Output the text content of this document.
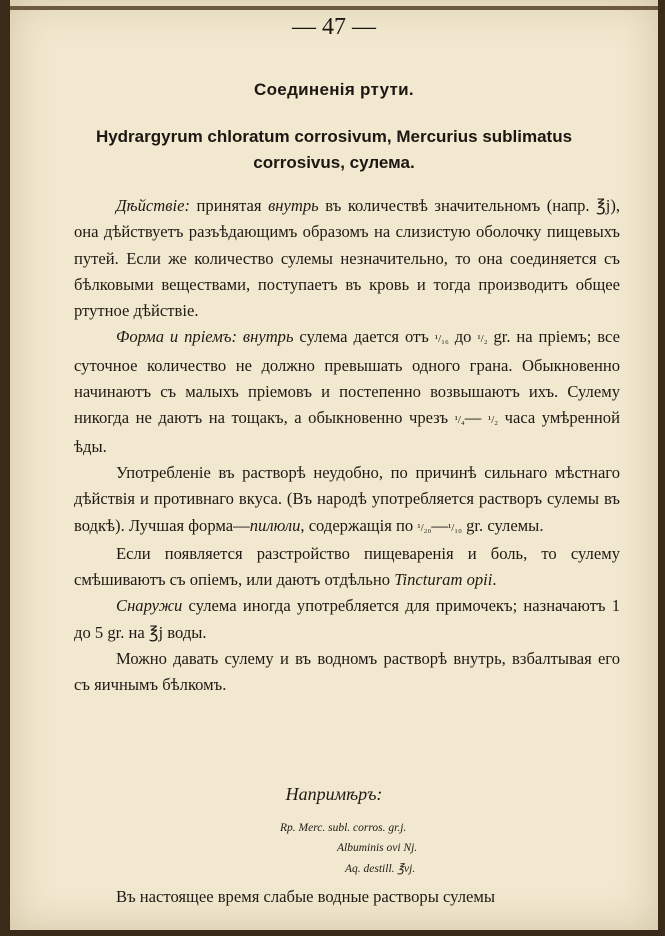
— 47 —
Соединенія ртути.
Hydrargyrum chloratum corrosivum, Mercurius sublimatus corrosivus, сулема.

Дѣйствіе: принятая внутрь въ количествѣ значительномъ (напр. ℥j), она дѣйствуетъ разъѣдающимъ образомъ на слизистую оболочку пищевыхъ путей. Если же количество сулемы незначительно, то она соединяется съ бѣлковыми веществами, поступаетъ въ кровь и тогда производитъ общее ртутное дѣйствіе.

Форма и пріемъ: внутрь сулема дается отъ ¹/₁₆ до ¹/₂ gr. на пріемъ; все суточное количество не должно превышать одного грана. Обыкновенно начинаютъ съ малыхъ пріемовъ и постепенно возвышаютъ ихъ. Сулему никогда не даютъ на тощакъ, а обыкновенно чрезъ ¹/₄— ¹/₂ часа умѣренной ѣды.

Употребленіе въ растворѣ неудобно, по причинѣ сильнаго мѣстнаго дѣйствія и противнаго вкуса. (Въ народѣ употребляется растворъ сулемы въ водкѣ). Лучшая форма—пилюли, содержащія по ¹/₂₀—¹/₁₀ gr. сулемы.

Если появляется разстройство пищеваренія и боль, то сулему смѣшиваютъ съ опіемъ, или даютъ отдѣльно Tincturam opii.

Снаружи сулема иногда употребляется для примочекъ; назначаютъ 1 до 5 gr. на ℥j воды.

Можно давать сулему и въ водномъ растворѣ внутрь, взбалтывая его съ яичнымъ бѣлкомъ.

Напримѣръ:
Rp. Merc. subl. corros. gr.j.
Albuminis ovi Nj.
Aq. destill. ℥vj.
Въ настоящее время слабые водные растворы сулемы
